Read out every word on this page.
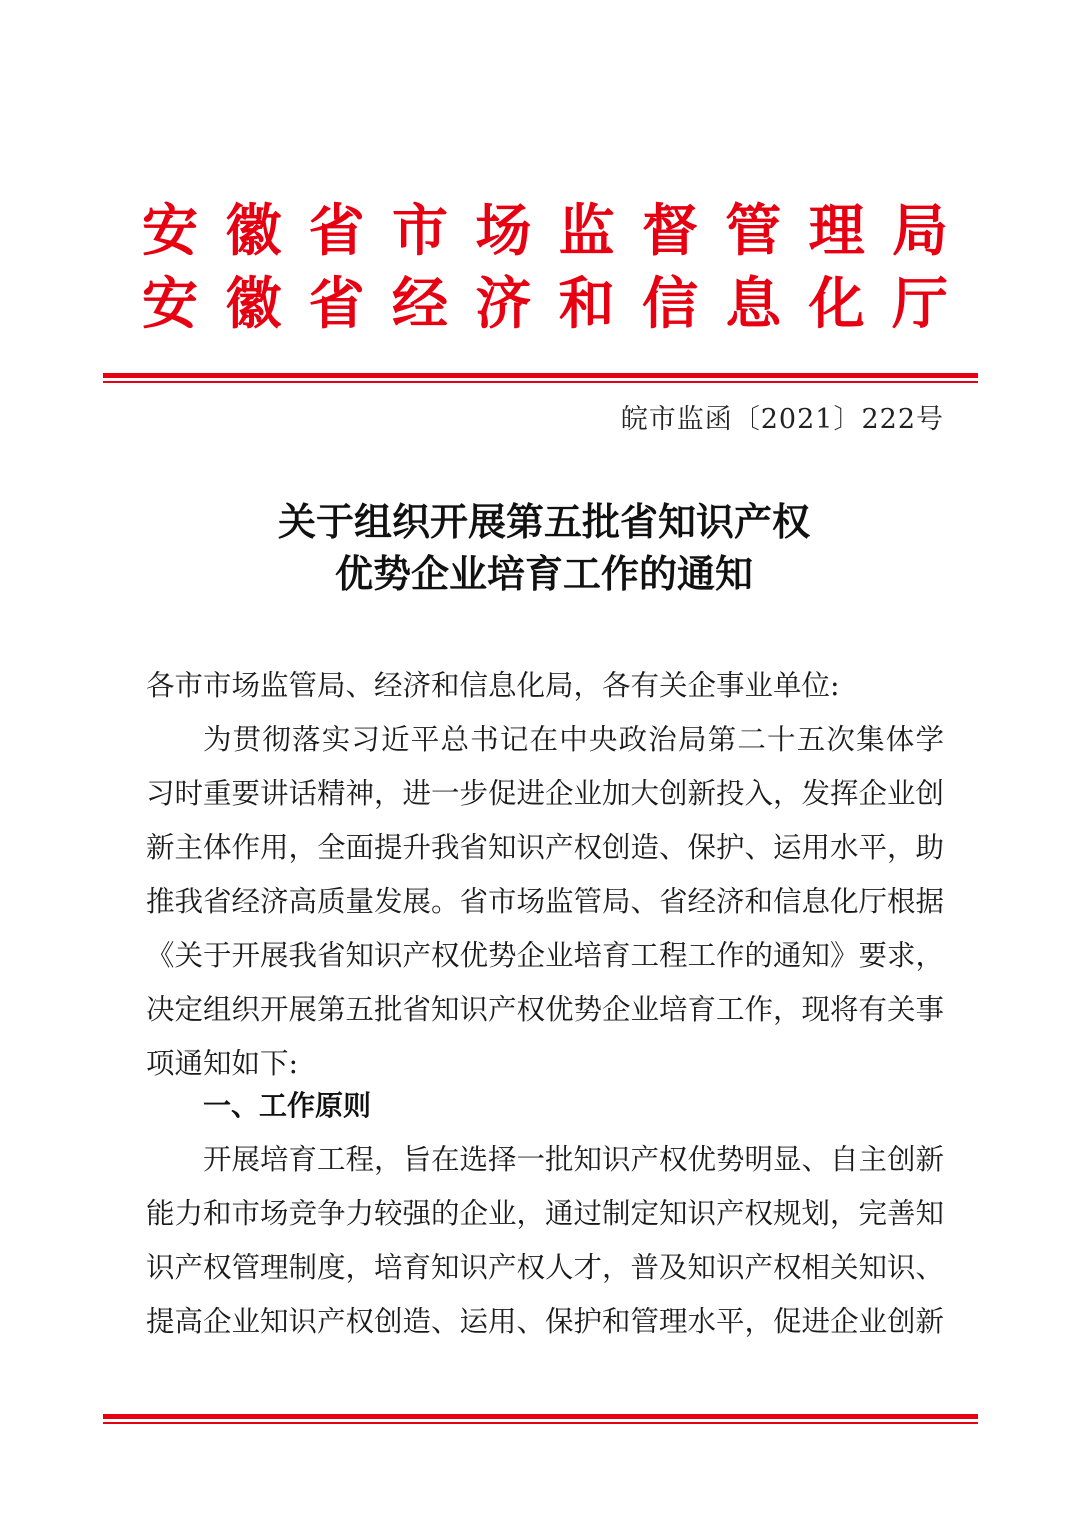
安 徽 省 市 场 监 督 管 理 局
安 徽 省 经 济 和 信 息 化 厅
皖市监函〔2021〕222号
关于组织开展第五批省知识产权
优势企业培育工作的通知
各市市场监管局、经济和信息化局，各有关企事业单位:
为贯彻落实习近平总书记在中央政治局第二十五次集体学
习时重要讲话精神，进一步促进企业加大创新投入，发挥企业创
新主体作用，全面提升我省知识产权创造、保护、运用水平，助
推我省经济高质量发展。省市场监管局、省经济和信息化厅根据
《关于开展我省知识产权优势企业培育工程工作的通知》要求，
决定组织开展第五批省知识产权优势企业培育工作，现将有关事
项通知如下:
一、工作原则
开展培育工程，旨在选择一批知识产权优势明显、自主创新
能力和市场竞争力较强的企业，通过制定知识产权规划，完善知
识产权管理制度，培育知识产权人才，普及知识产权相关知识、
提高企业知识产权创造、运用、保护和管理水平，促进企业创新
